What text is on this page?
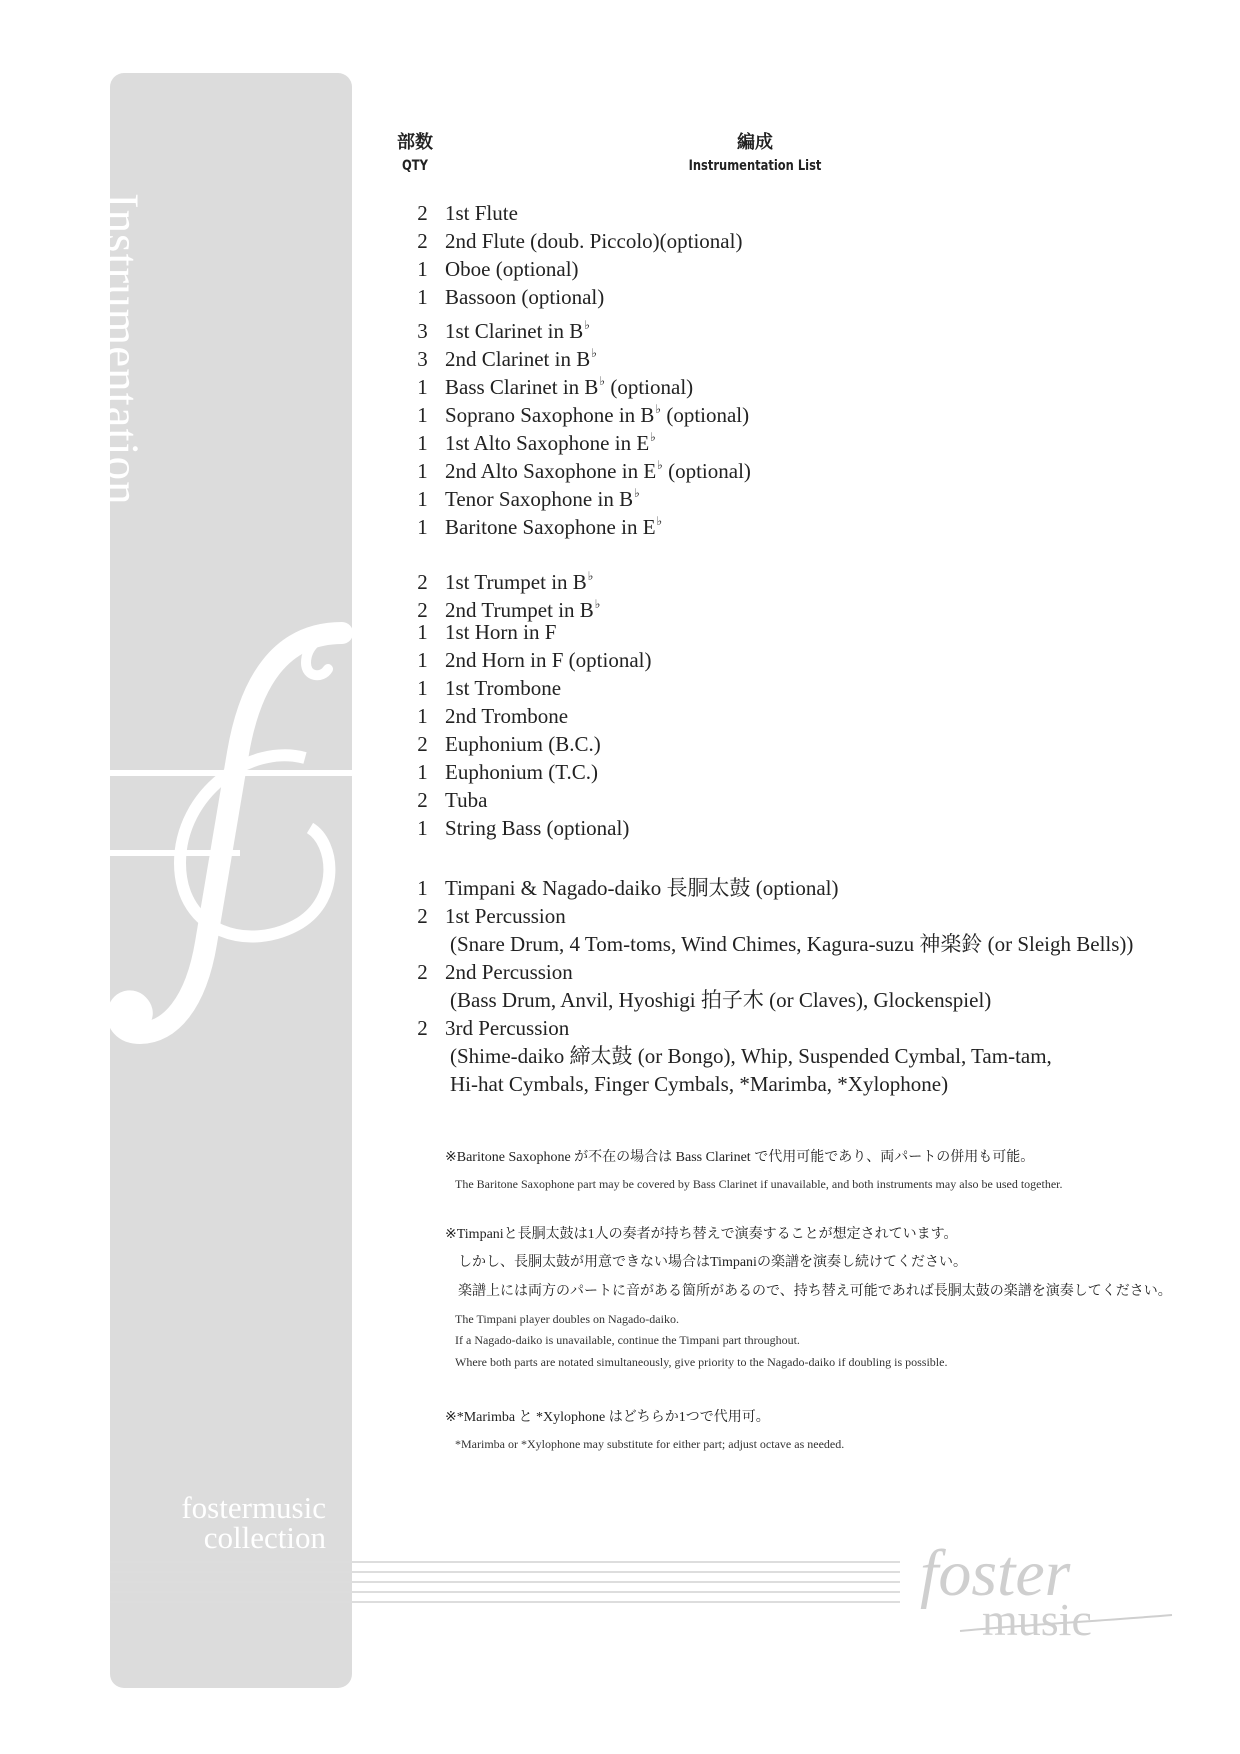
Instrumentation
fostermusic
collection
部数
QTY
編成
Instrumentation List
2 1st Flute
2 2nd Flute (doub. Piccolo)(optional)
1 Oboe (optional)
1 Bassoon (optional)
3 1st Clarinet in B♭
3 2nd Clarinet in B♭
1 Bass Clarinet in B♭ (optional)
1 Soprano Saxophone in B♭ (optional)
1 1st Alto Saxophone in E♭
1 2nd Alto Saxophone in E♭ (optional)
1 Tenor Saxophone in B♭
1 Baritone Saxophone in E♭
2 1st Trumpet in B♭
2 2nd Trumpet in B♭
1 1st Horn in F
1 2nd Horn in F (optional)
1 1st Trombone
1 2nd Trombone
2 Euphonium (B.C.)
1 Euphonium (T.C.)
2 Tuba
1 String Bass (optional)
1 Timpani & Nagado-daiko 長胴太鼓 (optional)
2 1st Percussion
(Snare Drum, 4 Tom-toms, Wind Chimes, Kagura-suzu 神楽鈴 (or Sleigh Bells))
2 2nd Percussion
(Bass Drum, Anvil, Hyoshigi 拍子木 (or Claves), Glockenspiel)
2 3rd Percussion
(Shime-daiko 締太鼓 (or Bongo), Whip, Suspended Cymbal, Tam-tam,
Hi-hat Cymbals, Finger Cymbals, *Marimba, *Xylophone)
※Baritone Saxophone が不在の場合は Bass Clarinet で代用可能であり、両パートの併用も可能。
The Baritone Saxophone part may be covered by Bass Clarinet if unavailable, and both instruments may also be used together.
※Timpaniと長胴太鼓は1人の奏者が持ち替えで演奏することが想定されています。
しかし、長胴太鼓が用意できない場合はTimpaniの楽譜を演奏し続けてください。
楽譜上には両方のパートに音がある箇所があるので、持ち替え可能であれば長胴太鼓の楽譜を演奏してください。
The Timpani player doubles on Nagado-daiko.
If a Nagado-daiko is unavailable, continue the Timpani part throughout.
Where both parts are notated simultaneously, give priority to the Nagado-daiko if doubling is possible.
※*Marimba と *Xylophone はどちらか1つで代用可。
*Marimba or *Xylophone may substitute for either part; adjust octave as needed.
foster
music
